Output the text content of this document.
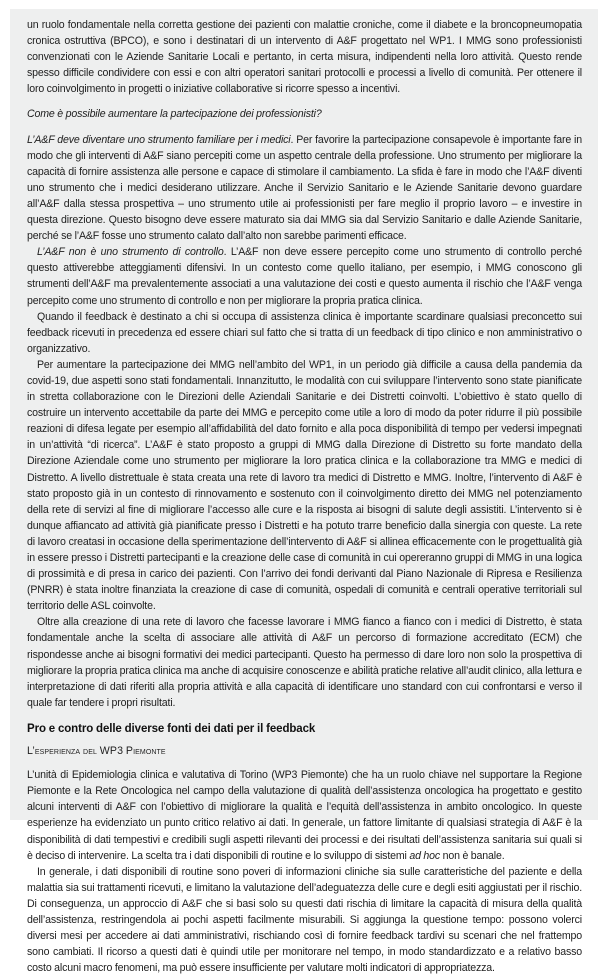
un ruolo fondamentale nella corretta gestione dei pazienti con malattie croniche, come il diabete e la broncopneumopatia cronica ostruttiva (BPCO), e sono i destinatari di un intervento di A&F progettato nel WP1. I MMG sono professionisti convenzionati con le Aziende Sanitarie Locali e pertanto, in certa misura, indipendenti nella loro attività. Questo rende spesso difficile condividere con essi e con altri operatori sanitari protocolli e processi a livello di comunità. Per ottenere il loro coinvolgimento in progetti o iniziative collaborative si ricorre spesso a incentivi.

Come è possibile aumentare la partecipazione dei professionisti?

L’A&F deve diventare uno strumento familiare per i medici. Per favorire la partecipazione consapevole è importante fare in modo che gli interventi di A&F siano percepiti come un aspetto centrale della professione. Uno strumento per migliorare la capacità di fornire assistenza alle persone e capace di stimolare il cambiamento. La sfida è fare in modo che l’A&F diventi uno strumento che i medici desiderano utilizzare. Anche il Servizio Sanitario e le Aziende Sanitarie devono guardare all’A&F dalla stessa prospettiva – uno strumento utile ai professionisti per fare meglio il proprio lavoro – e investire in questa direzione. Questo bisogno deve essere maturato sia dai MMG sia dal Servizio Sanitario e dalle Aziende Sanitarie, perché se l’A&F fosse uno strumento calato dall’alto non sarebbe parimenti efficace.

L’A&F non è uno strumento di controllo. L’A&F non deve essere percepito come uno strumento di controllo perché questo attiverebbe atteggiamenti difensivi. In un contesto come quello italiano, per esempio, i MMG conoscono gli strumenti dell’A&F ma prevalentemente associati a una valutazione dei costi e questo aumenta il rischio che l’A&F venga percepito come uno strumento di controllo e non per migliorare la propria pratica clinica.

Quando il feedback è destinato a chi si occupa di assistenza clinica è importante scardinare qualsiasi preconcetto sui feedback ricevuti in precedenza ed essere chiari sul fatto che si tratta di un feedback di tipo clinico e non amministrativo o organizzativo.

Per aumentare la partecipazione dei MMG nell’ambito del WP1, in un periodo già difficile a causa della pandemia da covid-19, due aspetti sono stati fondamentali. Innanzitutto, le modalità con cui sviluppare l’intervento sono state pianificate in stretta collaborazione con le Direzioni delle Aziendali Sanitarie e dei Distretti coinvolti. L’obiettivo è stato quello di costruire un intervento accettabile da parte dei MMG e percepito come utile a loro di modo da poter ridurre il più possibile reazioni di difesa legate per esempio all’affidabilità del dato fornito e alla poca disponibilità di tempo per vedersi impegnati in un’attività “di ricerca”. L’A&F è stato proposto a gruppi di MMG dalla Direzione di Distretto su forte mandato della Direzione Aziendale come uno strumento per migliorare la loro pratica clinica e la collaborazione tra MMG e medici di Distretto. A livello distrettuale è stata creata una rete di lavoro tra medici di Distretto e MMG. Inoltre, l’intervento di A&F è stato proposto già in un contesto di rinnovamento e sostenuto con il coinvolgimento diretto dei MMG nel potenziamento della rete di servizi al fine di migliorare l’accesso alle cure e la risposta ai bisogni di salute degli assistiti. L’intervento si è dunque affiancato ad attività già pianificate presso i Distretti e ha potuto trarre beneficio dalla sinergia con queste. La rete di lavoro creatasi in occasione della sperimentazione dell’intervento di A&F si allinea efficacemente con le progettualità già in essere presso i Distretti partecipanti e la creazione delle case di comunità in cui opereranno gruppi di MMG in una logica di prossimità e di presa in carico dei pazienti. Con l’arrivo dei fondi derivanti dal Piano Nazionale di Ripresa e Resilienza (PNRR) è stata inoltre finanziata la creazione di case di comunità, ospedali di comunità e centrali operative territoriali sul territorio delle ASL coinvolte.

Oltre alla creazione di una rete di lavoro che facesse lavorare i MMG fianco a fianco con i medici di Distretto, è stata fondamentale anche la scelta di associare alle attività di A&F un percorso di formazione accreditato (ECM) che rispondesse anche ai bisogni formativi dei medici partecipanti. Questo ha permesso di dare loro non solo la prospettiva di migliorare la propria pratica clinica ma anche di acquisire conoscenze e abilità pratiche relative all’audit clinico, alla lettura e interpretazione di dati riferiti alla propria attività e alla capacità di identificare uno standard con cui confrontarsi e verso il quale far tendere i propri risultati.

Pro e contro delle diverse fonti dei dati per il feedback

L’esperienza del WP3 Piemonte

L’unità di Epidemiologia clinica e valutativa di Torino (WP3 Piemonte) che ha un ruolo chiave nel supportare la Regione Piemonte e la Rete Oncologica nel campo della valutazione di qualità dell’assistenza oncologica ha progettato e gestito alcuni interventi di A&F con l’obiettivo di migliorare la qualità e l’equità dell’assistenza in ambito oncologico. In queste esperienze ha evidenziato un punto critico relativo ai dati. In generale, un fattore limitante di qualsiasi strategia di A&F è la disponibilità di dati tempestivi e credibili sugli aspetti rilevanti dei processi e dei risultati dell’assistenza sanitaria sui quali si è deciso di intervenire. La scelta tra i dati disponibili di routine e lo sviluppo di sistemi ad hoc non è banale.

In generale, i dati disponibili di routine sono poveri di informazioni cliniche sia sulle caratteristiche del paziente e della malattia sia sui trattamenti ricevuti, e limitano la valutazione dell’adeguatezza delle cure e degli esiti aggiustati per il rischio. Di conseguenza, un approccio di A&F che si basi solo su questi dati rischia di limitare la capacità di misura della qualità dell’assistenza, restringendola ai pochi aspetti facilmente misurabili. Si aggiunga la questione tempo: possono volerci diversi mesi per accedere ai dati amministrativi, rischiando così di fornire feedback tardivi su scenari che nel frattempo sono cambiati. Il ricorso a questi dati è quindi utile per monitorare nel tempo, in modo standardizzato e a relativo basso costo alcuni macro fenomeni, ma può essere insufficiente per valutare molti indicatori di appropriatezza.
